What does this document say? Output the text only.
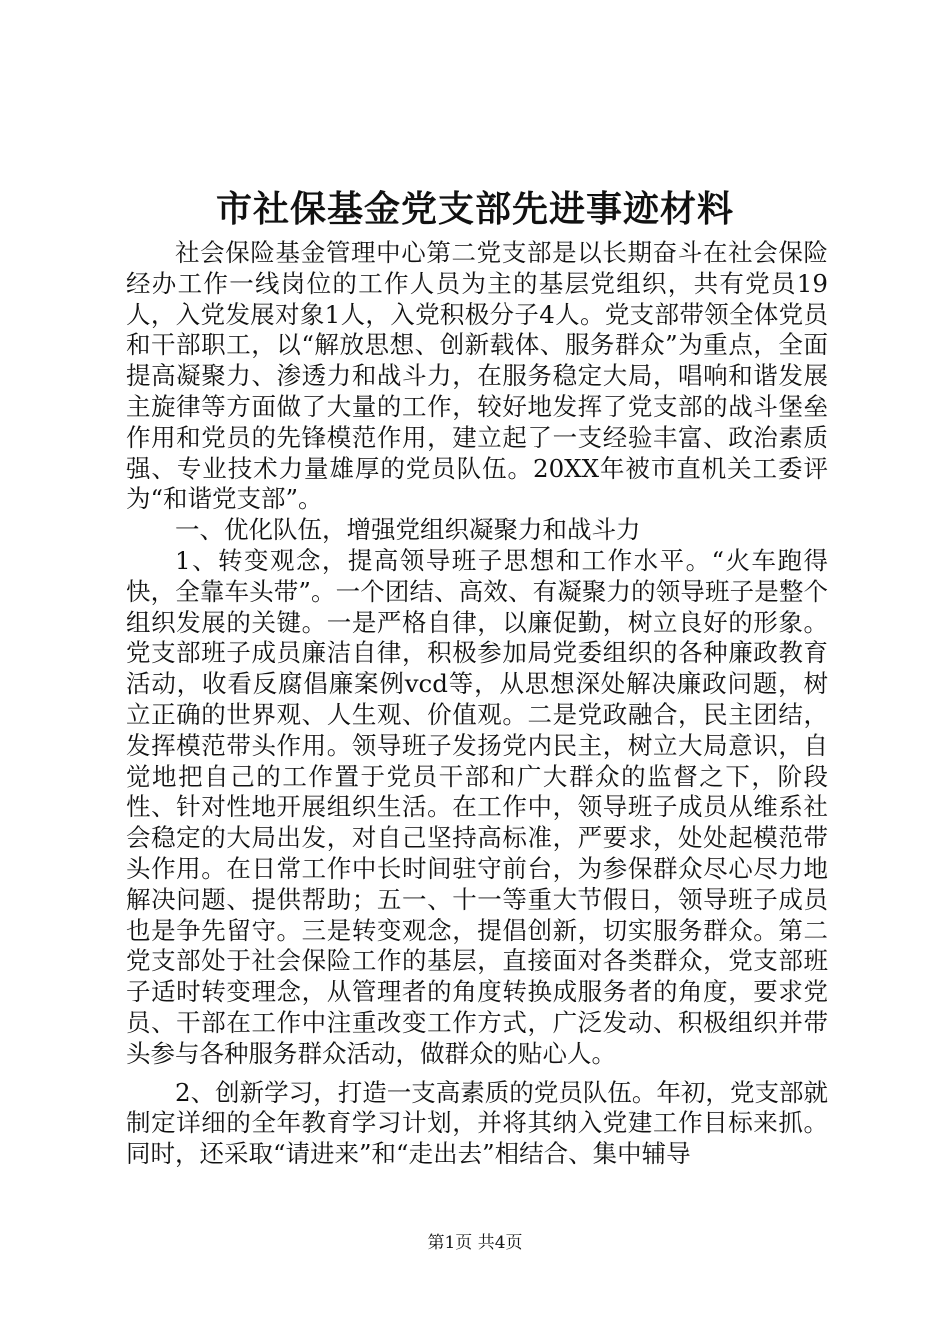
市社保基金党支部先进事迹材料

社会保险基金管理中心第二党支部是以长期奋斗在社会保险经办工作一线岗位的工作人员为主的基层党组织，共有党员19人，入党发展对象1人，入党积极分子4人。党支部带领全体党员和干部职工，以“解放思想、创新载体、服务群众”为重点，全面提高凝聚力、渗透力和战斗力，在服务稳定大局，唱响和谐发展主旋律等方面做了大量的工作，较好地发挥了党支部的战斗堡垒作用和党员的先锋模范作用，建立起了一支经验丰富、政治素质强、专业技术力量雄厚的党员队伍。20XX年被市直机关工委评为“和谐党支部”。

一、优化队伍，增强党组织凝聚力和战斗力

1、转变观念，提高领导班子思想和工作水平。“火车跑得快，全靠车头带”。一个团结、高效、有凝聚力的领导班子是整个组织发展的关键。一是严格自律，以廉促勤，树立良好的形象。党支部班子成员廉洁自律，积极参加局党委组织的各种廉政教育活动，收看反腐倡廉案例vcd等，从思想深处解决廉政问题，树立正确的世界观、人生观、价值观。二是党政融合，民主团结，发挥模范带头作用。领导班子发扬党内民主，树立大局意识，自觉地把自己的工作置于党员干部和广大群众的监督之下，阶段性、针对性地开展组织生活。在工作中，领导班子成员从维系社会稳定的大局出发，对自己坚持高标准，严要求，处处起模范带头作用。在日常工作中长时间驻守前台，为参保群众尽心尽力地解决问题、提供帮助；五一、十一等重大节假日，领导班子成员也是争先留守。三是转变观念，提倡创新，切实服务群众。第二党支部处于社会保险工作的基层，直接面对各类群众，党支部班子适时转变理念，从管理者的角度转换成服务者的角度，要求党员、干部在工作中注重改变工作方式，广泛发动、积极组织并带头参与各种服务群众活动，做群众的贴心人。

2、创新学习，打造一支高素质的党员队伍。年初，党支部就制定详细的全年教育学习计划，并将其纳入党建工作目标来抓。同时，还采取“请进来”和“走出去”相结合、集中辅导

第1页 共4页
